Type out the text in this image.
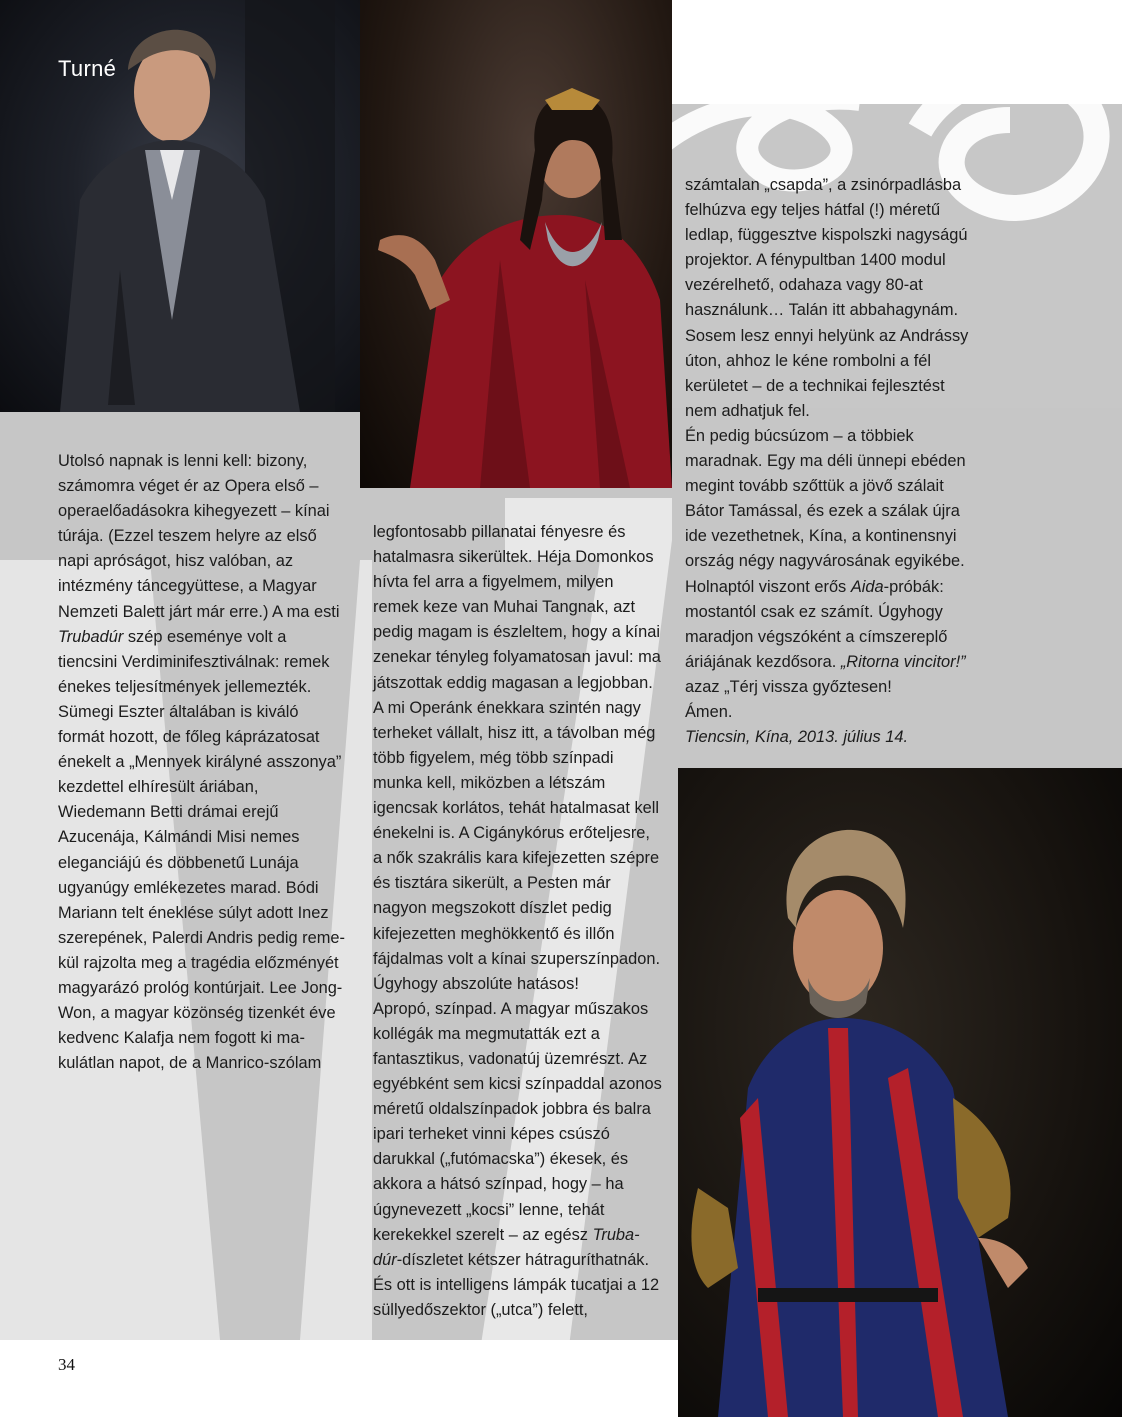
Turné

Utolsó napnak is lenni kell: bizony, számomra véget ér az Opera első – operaelőadásokra kihegyezett – kínai túrája. (Ezzel teszem helyre az első napi apróságot, hisz valóban, az intézmény táncegyüttese, a Magyar Nemzeti Balett járt már erre.) A ma esti Trubadúr szép eseménye volt a tiencsini Verdiminifesztiválnak: remek énekes teljesítmények jellemezték. Sümegi Eszter általában is kiváló formát hozott, de főleg káprázatosat énekelt a „Mennyek királyné asszonya” kezdettel elhíresült áriában, Wiedemann Betti drámai erejű Azucenája, Kálmándi Misi nemes eleganciájú és döbbenetű Lunája ugyanúgy emlékezetes marad. Bódi Mariann telt éneklése súlyt adott Inez szerepének, Palerdi Andris pedig remekül rajzolta meg a tragédia előzményét magyarázó prológ kontúrjait. Lee Jong-Won, a magyar közönség tizenkét éve kedvenc Kalafja nem fogott ki makulátlan napot, de a Manrico-szólam

legfontosabb pillanatai fényesre és hatalmasra sikerültek. Héja Domonkos hívta fel arra a figyelmem, milyen remek keze van Muhai Tangnak, azt pedig magam is észleltem, hogy a kínai zenekar tényleg folyamatosan javul: ma játszottak eddig magasan a legjobban. A mi Operánk énekkara szintén nagy terheket vállalt, hisz itt, a távolban még több figyelem, még több színpadi munka kell, miközben a létszám igencsak korlátos, tehát hatalmasat kell énekelni is. A Cigánykórus erőteljesre, a nők szakrális kara kifejezetten szépre és tisztára sikerült, a Pesten már nagyon megszokott díszlet pedig kifejezetten meghökkentő és illőn fájdalmas volt a kínai szuperszínpadon. Úgyhogy abszolúte hatásos!

Apropó, színpad. A magyar műszakos kollégák ma megmutatták ezt a fantasztikus, vadonatúj üzemrészt. Az egyébként sem kicsi színpaddal azonos méretű oldalszínpadok jobbra és balra ipari terheket vinni képes csúszó darukkal („futómacska”) ékesek, és akkora a hátsó színpad, hogy – ha úgynevezett „kocsi” lenne, tehát kerekekkel szerelt – az egész Trubadúr-díszletet kétszer hátraguríthatnák. És ott is intelligens lámpák tucatjai a 12 süllyedőszektor („utca”) felett,

számtalan „csapda”, a zsinórpadlásba felhúzva egy teljes hátfal (!) méretű ledlap, függesztve kispolszki nagyságú projektor. A fénypultban 1400 modul vezérelhető, odahaza vagy 80-at használunk… Talán itt abbahagynám. Sosem lesz ennyi helyünk az Andrássy úton, ahhoz le kéne rombolni a fél kerületet – de a technikai fejlesztést nem adhatjuk fel.

Én pedig búcsúzom – a többiek maradnak. Egy ma déli ünnepi ebéden megint tovább szőttük a jövő szálait Bátor Tamással, és ezek a szálak újra ide vezethetnek, Kína, a kontinensnyi ország négy nagyvárosának egyikébe. Holnaptól viszont erős Aida-próbák: mostantól csak ez számít. Úgyhogy maradjon végszóként a címszereplő áriájának kezdősora. „Ritorna vincitor!” azaz „Térj vissza győztesen!

Ámen.

Tiencsin, Kína, 2013. július 14.

34
